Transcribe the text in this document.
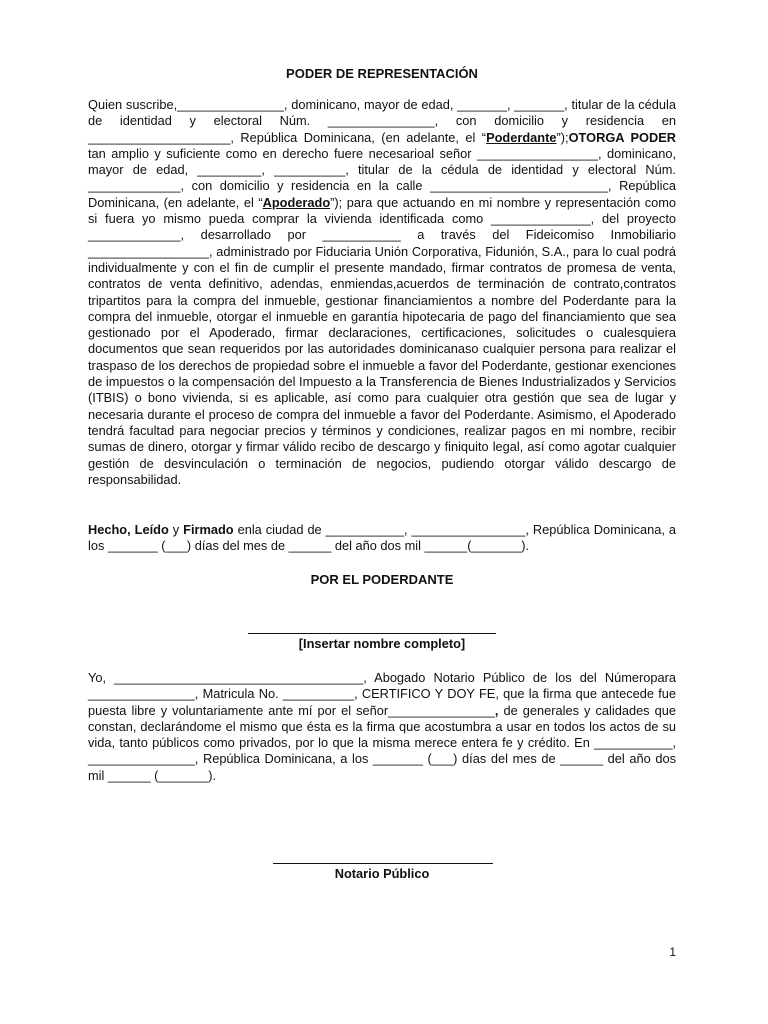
PODER DE REPRESENTACIÓN

Quien suscribe,_______________, dominicano, mayor de edad, _______, _______, titular de la cédula de identidad y electoral Núm. _______________, con domicilio y residencia en ____________________, República Dominicana, (en adelante, el “Poderdante”);OTORGA PODER tan amplio y suficiente como en derecho fuere necesarioal señor _________________, dominicano, mayor de edad, _________, __________, titular de la cédula de identidad y electoral Núm. _____________, con domicilio y residencia en la calle _________________________, República Dominicana, (en adelante, el “Apoderado”); para que actuando en mi nombre y representación como si fuera yo mismo pueda comprar la vivienda identificada como ______________, del proyecto _____________, desarrollado por ___________ a través del Fideicomiso Inmobiliario _________________, administrado por Fiduciaria Unión Corporativa, Fidunión, S.A., para lo cual podrá individualmente y con el fin de cumplir el presente mandado, firmar contratos de promesa de venta, contratos de venta definitivo, adendas, enmiendas,acuerdos de terminación de contrato,contratos tripartitos para la compra del inmueble, gestionar financiamientos a nombre del Poderdante para la compra del inmueble, otorgar el inmueble en garantía hipotecaria de pago del financiamiento que sea gestionado por el Apoderado, firmar declaraciones, certificaciones, solicitudes o cualesquiera documentos que sean requeridos por las autoridades dominicanaso cualquier persona para realizar el traspaso de los derechos de propiedad sobre el inmueble a favor del Poderdante, gestionar exenciones de impuestos o la compensación del Impuesto a la Transferencia de Bienes Industrializados y Servicios (ITBIS) o bono vivienda, si es aplicable, así como para cualquier otra gestión que sea de lugar y necesaria durante el proceso de compra del inmueble a favor del Poderdante. Asimismo, el Apoderado tendrá facultad para negociar precios y términos y condiciones, realizar pagos en mi nombre, recibir sumas de dinero, otorgar y firmar válido recibo de descargo y finiquito legal, así como agotar cualquier gestión de desvinculación o terminación de negocios, pudiendo otorgar válido descargo de responsabilidad.

Hecho, Leído y Firmado enla ciudad de ___________, ________________, República Dominicana, a los _______ (___) días del mes de ______ del año dos mil ______(_______).

POR EL PODERDANTE
[Insertar nombre completo]

Yo, ___________________________________, Abogado Notario Público de los del Númeropara _______________, Matricula No. __________, CERTIFICO Y DOY FE, que la firma que antecede fue puesta libre y voluntariamente ante mí por el señor_______________, de generales y calidades que constan, declarándome el mismo que ésta es la firma que acostumbra a usar en todos los actos de su vida, tanto públicos como privados, por lo que la misma merece entera fe y crédito. En ___________, _______________, República Dominicana, a los _______ (___) días del mes de ______ del año dos mil ______ (_______).

Notario Público
1
